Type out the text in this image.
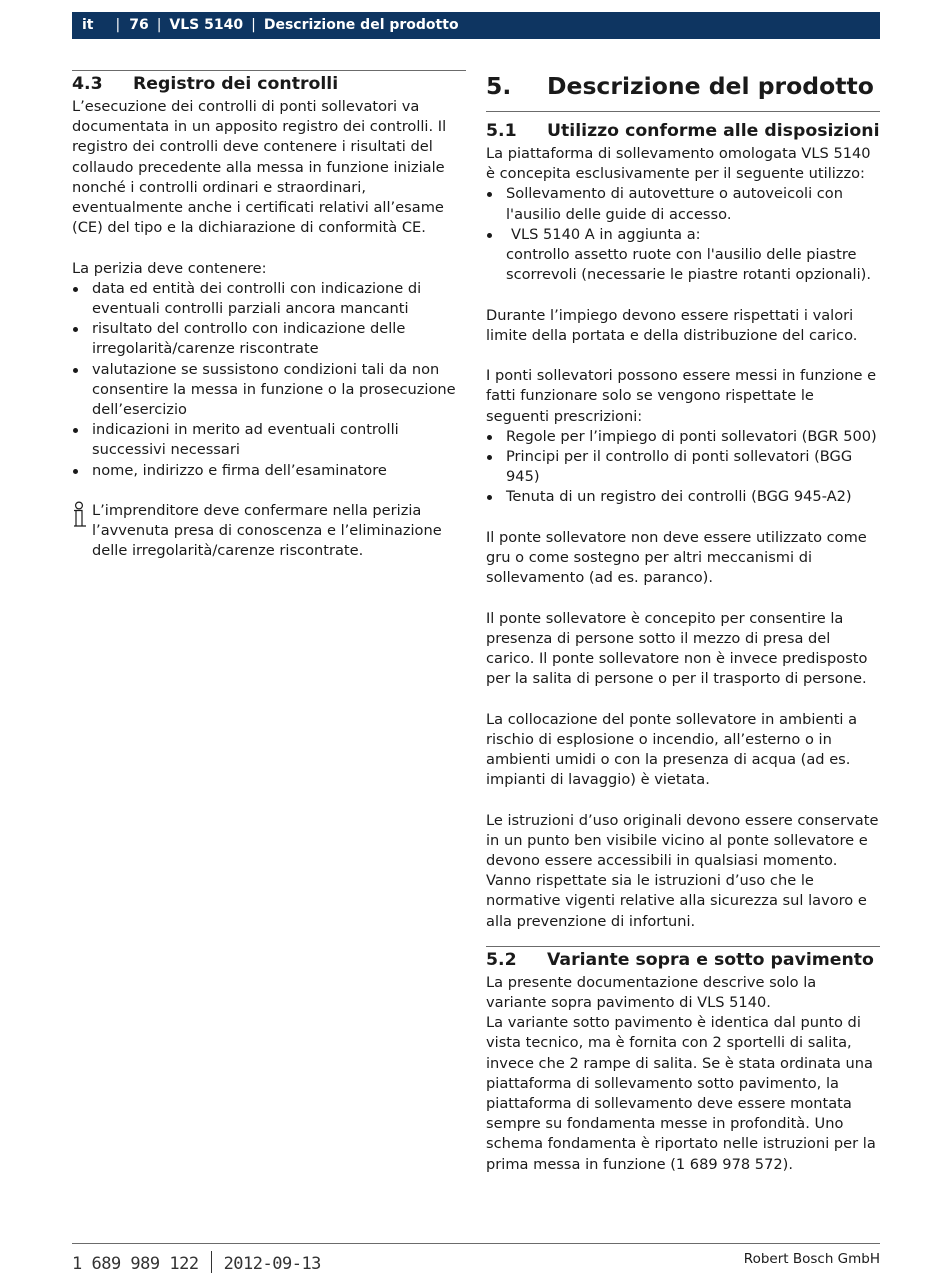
it | 76 | VLS 5140 | Descrizione del prodotto
4.3 Registro dei controlli

L’esecuzione dei controlli di ponti sollevatori va documentata in un apposito registro dei controlli. Il registro dei controlli deve contenere i risultati del collaudo precedente alla messa in funzione iniziale nonché i controlli ordinari e straordinari, eventualmente anche i certificati relativi all’esame (CE) del tipo e la dichiarazione di conformità CE.

La perizia deve contenere:

data ed entità dei controlli con indicazione di eventuali controlli parziali ancora mancanti
risultato del controllo con indicazione delle irregolarità/carenze riscontrate
valutazione se sussistono condizioni tali da non consentire la messa in funzione o la prosecuzione dell’esercizio
indicazioni in merito ad eventuali controlli successivi necessari
nome, indirizzo e firma dell’esaminatore

L’imprenditore deve confermare nella perizia l’avvenuta presa di conoscenza e l’eliminazione delle irregolarità/carenze riscontrate.

5. Descrizione del prodotto
5.1 Utilizzo conforme alle disposizioni

La piattaforma di sollevamento omologata VLS 5140 è concepita esclusivamente per il seguente utilizzo:

Sollevamento di autovetture o autoveicoli con l'ausilio delle guide di accesso.
VLS 5140 A in aggiunta a:
controllo assetto ruote con l'ausilio delle piastre scorrevoli (necessarie le piastre rotanti opzionali).

Durante l’impiego devono essere rispettati i valori limite della portata e della distribuzione del carico.

I ponti sollevatori possono essere messi in funzione e fatti funzionare solo se vengono rispettate le seguenti prescrizioni:

Regole per l’impiego di ponti sollevatori (BGR 500)
Principi per il controllo di ponti sollevatori (BGG 945)
Tenuta di un registro dei controlli (BGG 945-A2)

Il ponte sollevatore non deve essere utilizzato come gru o come sostegno per altri meccanismi di sollevamento (ad es. paranco).

Il ponte sollevatore è concepito per consentire la presenza di persone sotto il mezzo di presa del carico. Il ponte sollevatore non è invece predisposto per la salita di persone o per il trasporto di persone.

La collocazione del ponte sollevatore in ambienti a rischio di esplosione o incendio, all’esterno o in ambienti umidi o con la presenza di acqua (ad es. impianti di lavaggio) è vietata.

Le istruzioni d’uso originali devono essere conservate in un punto ben visibile vicino al ponte sollevatore e devono essere accessibili in qualsiasi momento. Vanno rispettate sia le istruzioni d’uso che le normative vigenti relative alla sicurezza sul lavoro e alla prevenzione di infortuni.

5.2 Variante sopra e sotto pavimento

La presente documentazione descrive solo la variante sopra pavimento di VLS 5140.

La variante sotto pavimento è identica dal punto di vista tecnico, ma è fornita con 2 sportelli di salita, invece che 2 rampe di salita. Se è stata ordinata una piattaforma di sollevamento sotto pavimento, la piattaforma di sollevamento deve essere montata sempre su fondamenta messe in profondità. Uno schema fondamenta è riportato nelle istruzioni per la prima messa in funzione (1 689 978 572).

1 689 989 122 2012-09-13	Robert Bosch GmbH
